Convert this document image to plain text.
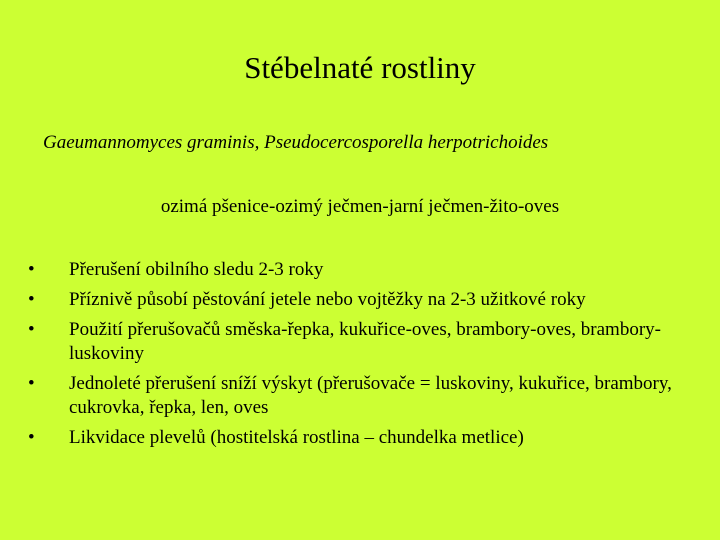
Stébelnaté rostliny
Gaeumannomyces graminis, Pseudocercosporella herpotrichoides
ozimá pšenice-ozimý ječmen-jarní ječmen-žito-oves
• Přerušení obilního sledu 2-3 roky
• Příznivě působí pěstování jetele nebo vojtěžky na 2-3 užitkové roky
• Použití přerušovačů směska-řepka, kukuřice-oves, brambory-oves, brambory-luskoviny
• Jednoleté přerušení sníží výskyt (přerušovače = luskoviny, kukuřice, brambory, cukrovka, řepka, len, oves
• Likvidace plevelů (hostitelská rostlina – chundelka metlice)
